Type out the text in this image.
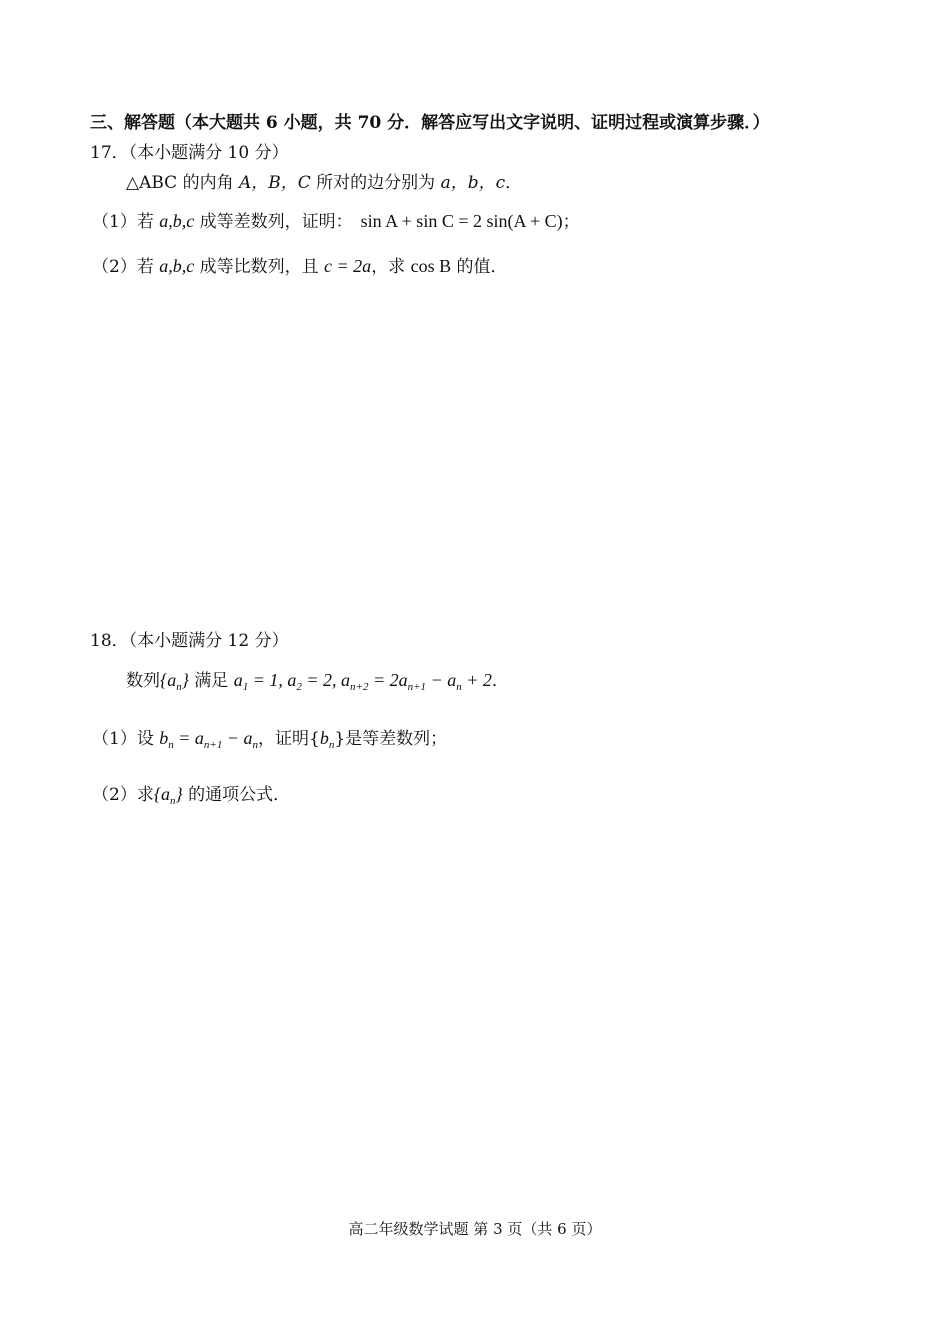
三、解答题（本大题共 6 小题，共 70 分．解答应写出文字说明、证明过程或演算步骤．）
17．（本小题满分 10 分）
△ABC 的内角 A，B，C 所对的边分别为 a，b，c．
（1）若 a,b,c 成等差数列，证明： sin A + sin C = 2 sin(A + C)；
（2）若 a,b,c 成等比数列，且 c = 2a，求 cos B 的值．
18．（本小题满分 12 分）
数列$\{a_n\}$ 满足 $a_1 = 1$, $a_2 = 2$, $a_{n+2} = 2a_{n+1} - a_n + 2$．
（1）设 $b_n = a_{n+1} - a_n$，证明$\{b_n\}$是等差数列；
（2）求$\{a_n\}$ 的通项公式．
高二年级数学试题 第 3 页（共 6 页）
